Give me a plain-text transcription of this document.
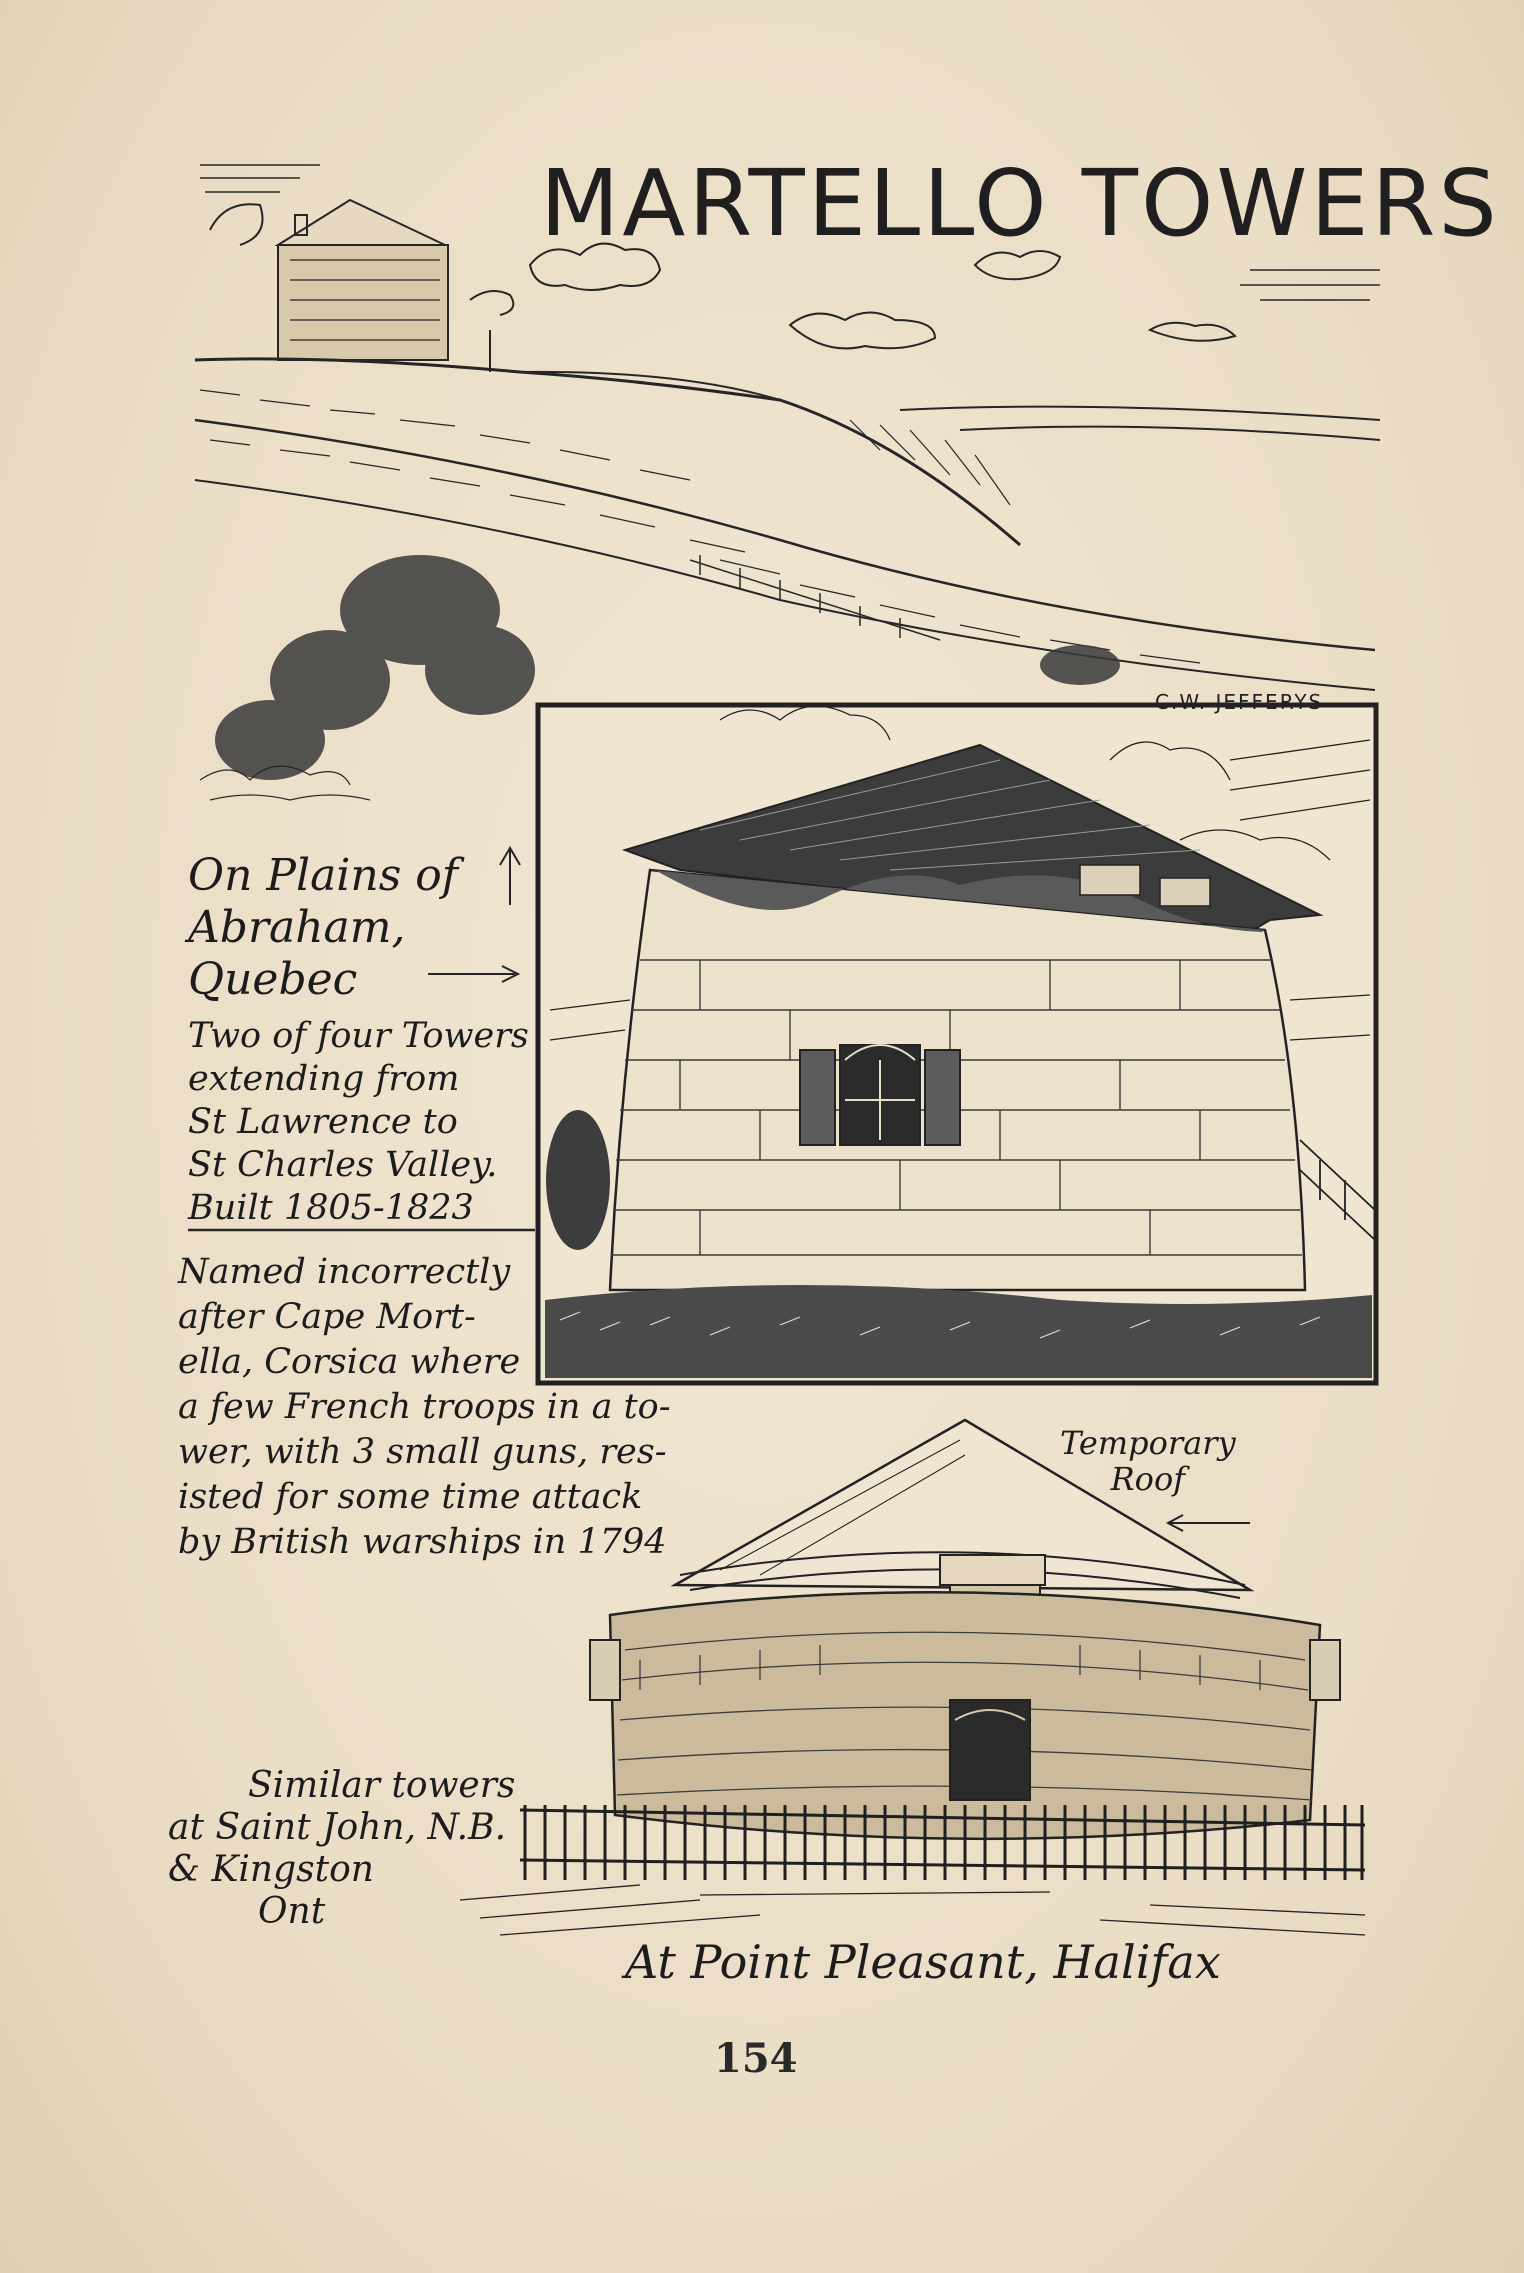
MARTELLO TOWERS
C.W. JEFFERYS
On Plains of
Abraham,
Quebec
Two of four Towers
extending from
St Lawrence to
St Charles Valley.
Built 1805-1823
Named incorrectly
after Cape Mort-
ella, Corsica where
a few French troops in a to-
wer, with 3 small guns, res-
isted for some time attack
by British warships in 1794
Temporary
Roof
Similar towers
at Saint John, N.B.
& Kingston
Ont
At Point Pleasant, Halifax
154
